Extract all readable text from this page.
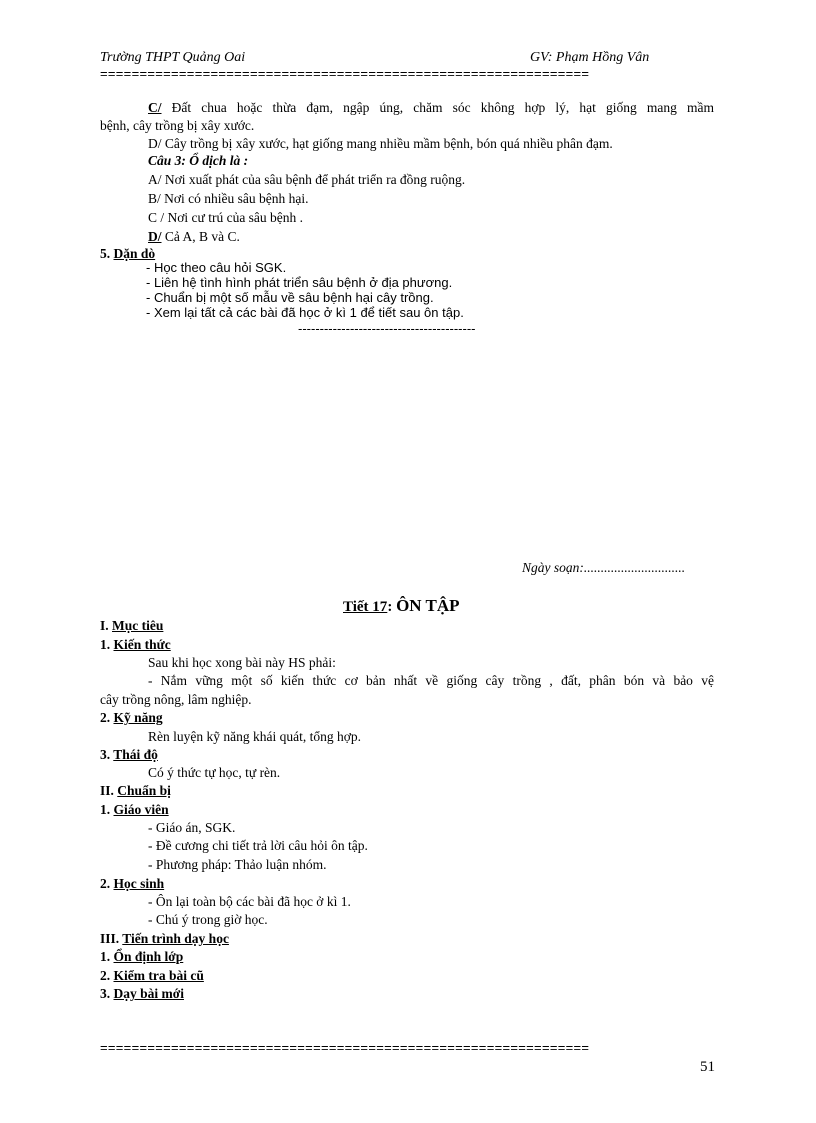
Trường THPT Quảng Oai	GV: Phạm Hồng Vân
==============================================================
C/ Đất chua hoặc thừa đạm, ngập úng, chăm sóc không hợp lý, hạt giống mang mầm
bệnh, cây trồng bị xây xước.
D/ Cây trồng bị xây xước, hạt giống mang nhiều mầm bệnh, bón quá nhiều phân đạm.
Câu 3: Ổ dịch là :
A/ Nơi xuất phát của sâu bệnh để phát triển ra đồng ruộng.
B/ Nơi có nhiều sâu bệnh hại.
C / Nơi cư trú của sâu bệnh .
D/ Cả A, B và C.
5. Dặn dò
- Học theo câu hỏi SGK.
- Liên hệ tình hình phát triển sâu bệnh ở địa phương.
- Chuẩn bị một số mẫu về sâu bệnh hại cây trồng.
- Xem lại tất cả các bài đã học ở kì 1 để tiết sau ôn tập.
-----------------------------------------
Ngày soạn:..............................
Tiết 17: ÔN TẬP
I. Mục tiêu
1. Kiến thức
Sau khi học xong bài này HS phải:
- Nắm vững một số kiến thức cơ bản nhất về giống cây trồng , đất, phân bón và bảo vệ
cây trồng nông, lâm nghiệp.
2. Kỹ năng
Rèn luyện kỹ năng khái quát, tổng hợp.
3. Thái độ
Có ý thức tự học, tự rèn.
II. Chuẩn bị
1. Giáo viên
- Giáo án, SGK.
- Đề cương chi tiết trả lời câu hỏi ôn tập.
- Phương pháp: Thảo luận nhóm.
2. Học sinh
- Ôn lại toàn bộ các bài đã học ở kì 1.
- Chú ý trong giờ học.
III. Tiến trình dạy học
1. Ổn định lớp
2. Kiểm tra bài cũ
3. Dạy bài mới
==============================================================
51
